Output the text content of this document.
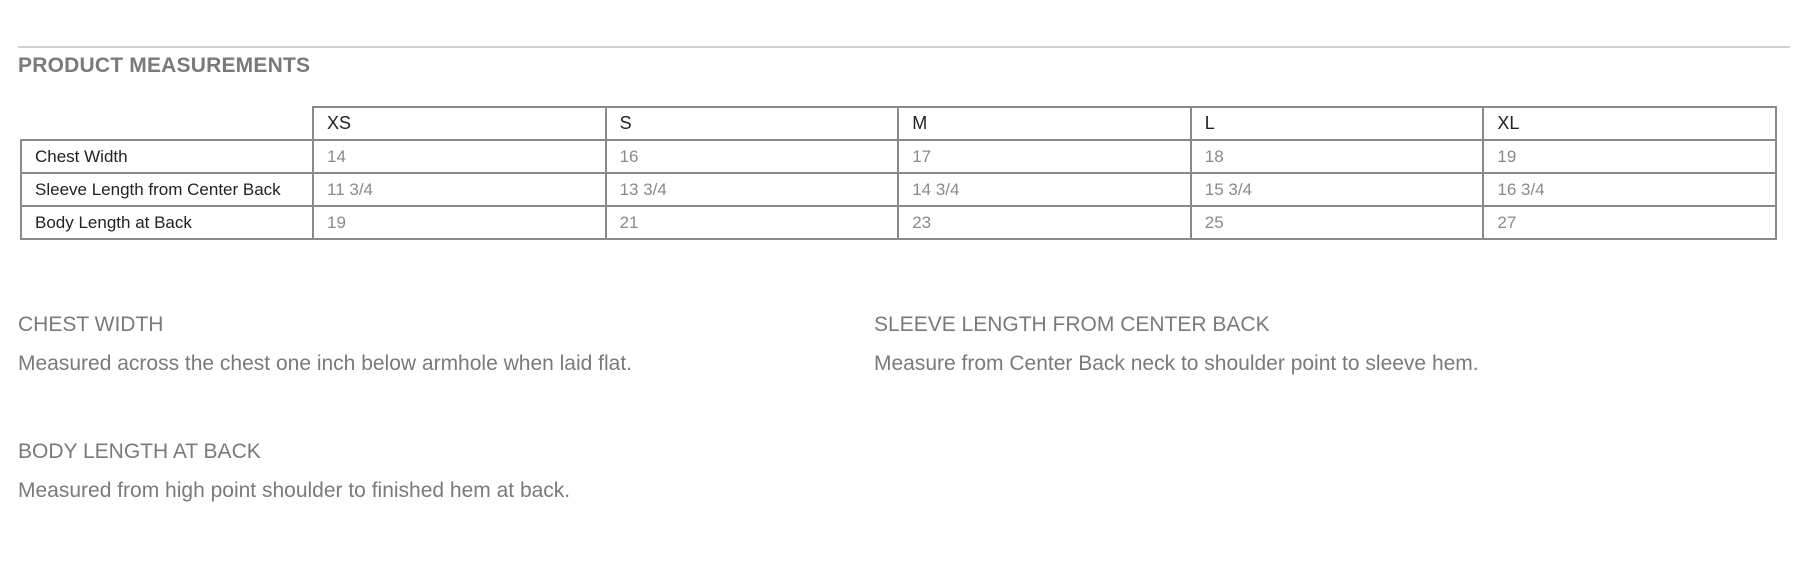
PRODUCT MEASUREMENTS
	XS	S	M	L	XL
Chest Width	14	16	17	18	19
Sleeve Length from Center Back	11 3/4	13 3/4	14 3/4	15 3/4	16 3/4
Body Length at Back	19	21	23	25	27
CHEST WIDTH
Measured across the chest one inch below armhole when laid flat.
SLEEVE LENGTH FROM CENTER BACK
Measure from Center Back neck to shoulder point to sleeve hem.
BODY LENGTH AT BACK
Measured from high point shoulder to finished hem at back.
